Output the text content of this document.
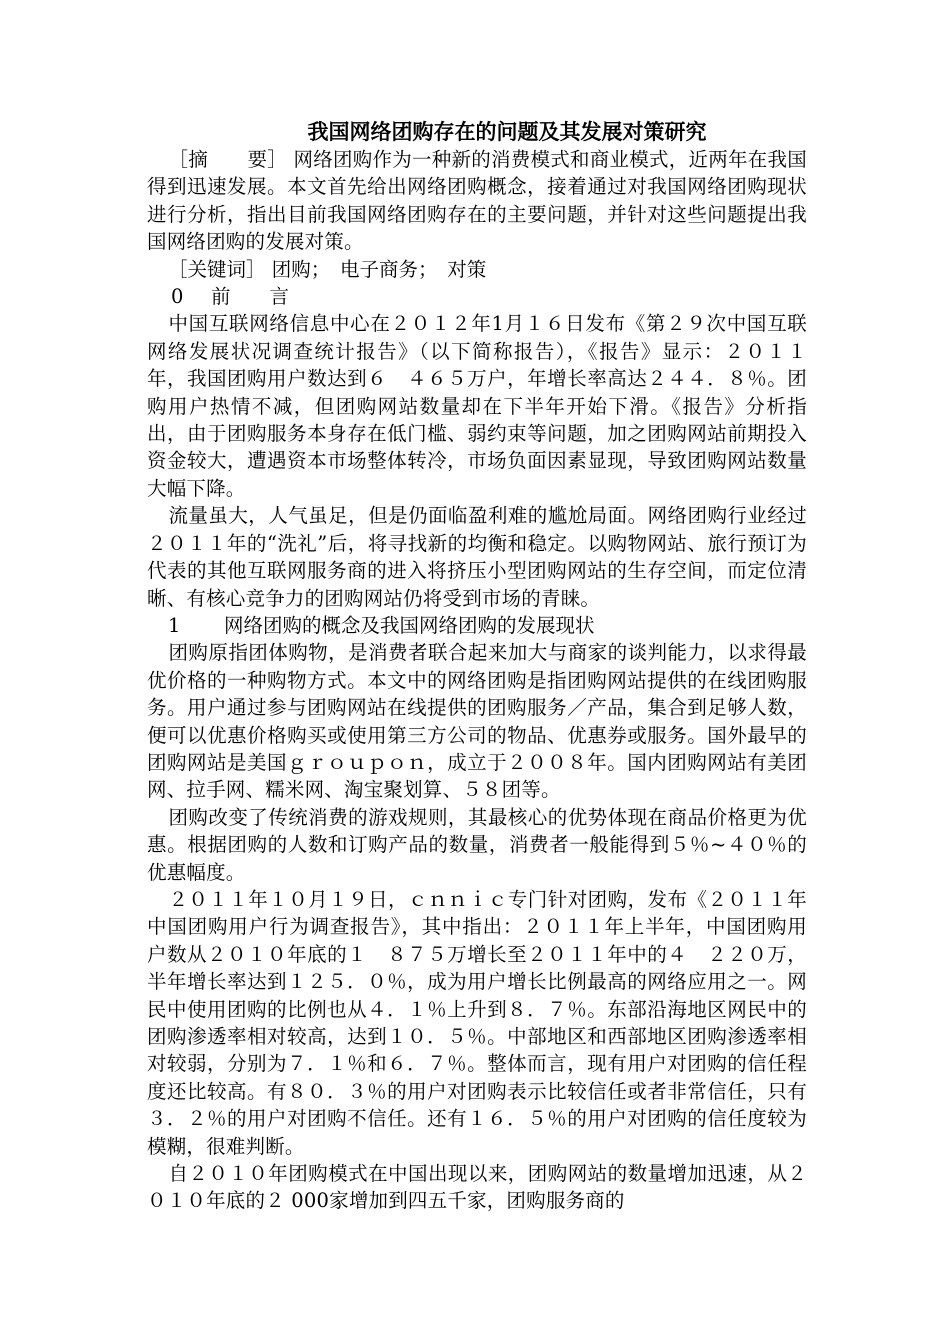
我国网络团购存在的问题及其发展对策研究

［摘　　要］ 网络团购作为一种新的消费模式和商业模式，近两年在我国得到迅速发展。本文首先给出网络团购概念，接着通过对我国网络团购现状进行分析，指出目前我国网络团购存在的主要问题，并针对这些问题提出我国网络团购的发展对策。

［关键词］ 团购；　电子商务；　对策

0 前　　言

中国互联网络信息中心在２０１２年1月１６日发布《第２９次中国互联网络发展状况调查统计报告》（以下简称报告），《报告》显示：２０１１年，我国团购用户数达到６　４６５万户，年增长率高达２４４．８％。团购用户热情不减，但团购网站数量却在下半年开始下滑。《报告》分析指出，由于团购服务本身存在低门槛、弱约束等问题，加之团购网站前期投入资金较大，遭遇资本市场整体转冷，市场负面因素显现，导致团购网站数量大幅下降。

流量虽大，人气虽足，但是仍面临盈利难的尴尬局面。网络团购行业经过２０１１年的“洗礼”后，将寻找新的均衡和稳定。以购物网站、旅行预订为代表的其他互联网服务商的进入将挤压小型团购网站的生存空间，而定位清晰、有核心竞争力的团购网站仍将受到市场的青睐。

1 网络团购的概念及我国网络团购的发展现状

团购原指团体购物，是消费者联合起来加大与商家的谈判能力，以求得最优价格的一种购物方式。本文中的网络团购是指团购网站提供的在线团购服务。用户通过参与团购网站在线提供的团购服务／产品，集合到足够人数，便可以优惠价格购买或使用第三方公司的物品、优惠券或服务。国外最早的团购网站是美国ｇｒｏｕｐｏｎ，成立于２００８年。国内团购网站有美团网、拉手网、糯米网、淘宝聚划算、５８团等。

团购改变了传统消费的游戏规则，其最核心的优势体现在商品价格更为优惠。根据团购的人数和订购产品的数量，消费者一般能得到５％~４０％的优惠幅度。

２０１１年１０月１９日，ｃｎｎｉｃ专门针对团购，发布《２０１１年中国团购用户行为调查报告》，其中指出：２０１１年上半年，中国团购用户数从２０１０年底的１　８７５万增长至２０１１年中的４　２２０万，半年增长率达到１２５．０％，成为用户增长比例最高的网络应用之一。网民中使用团购的比例也从４．１％上升到８．７％。东部沿海地区网民中的团购渗透率相对较高，达到１０．５％。中部地区和西部地区团购渗透率相对较弱，分别为７．１％和６．７％。整体而言，现有用户对团购的信任程度还比较高。有８０．３％的用户对团购表示比较信任或者非常信任，只有３．２％的用户对团购不信任。还有１６．５％的用户对团购的信任度较为模糊，很难判断。

自２０１０年团购模式在中国出现以来，团购网站的数量增加迅速，从２０１０年底的２ 000家增加到四五千家，团购服务商的
